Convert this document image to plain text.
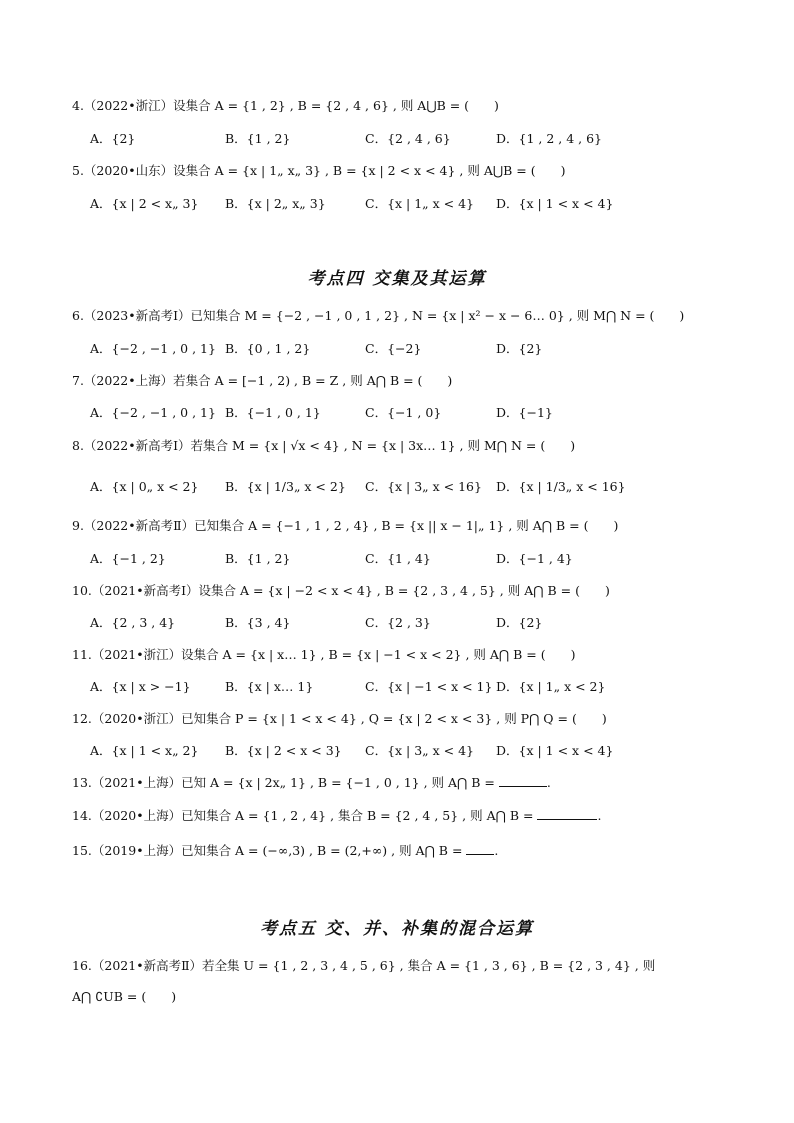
4.（2022•浙江）设集合 A = {1 , 2} , B = {2 , 4 , 6} , 则 A⋃B = (　　)
A．{2}	B．{1 , 2}	C．{2 , 4 , 6}	D．{1 , 2 , 4 , 6}
5.（2020•山东）设集合 A = {x | 1„ x„ 3} , B = {x | 2 < x < 4} , 则 A⋃B = (　　)
A．{x | 2 < x„ 3} B．{x | 2„ x„ 3}	C．{x | 1„ x < 4} D．{x | 1 < x < 4}
考点四 交集及其运算
6.（2023•新高考Ⅰ）已知集合 M = {−2 , −1 , 0 , 1 , 2} , N = {x | x² − x − 6… 0} , 则 M⋂ N = (　　)
A．{−2 , −1 , 0 , 1} B．{0 , 1 , 2}	C．{−2}	D．{2}
7.（2022•上海）若集合 A = [−1 , 2) , B = Z , 则 A⋂ B = (　　)
A．{−2 , −1 , 0 , 1} B．{−1 , 0 , 1}	C．{−1 , 0}	D．{−1}
8.（2022•新高考Ⅰ）若集合 M = {x | √x < 4} , N = {x | 3x… 1} , 则 M⋂ N = (　　)
A．{x | 0„ x < 2} B．{x | 1/3„ x < 2} C．{x | 3„ x < 16} D．{x | 1/3„ x < 16}
9.（2022•新高考Ⅱ）已知集合 A = {−1 , 1 , 2 , 4} , B = {x || x − 1|„ 1} , 则 A⋂ B = (　　)
A．{−1 , 2}	B．{1 , 2}	C．{1 , 4}	D．{−1 , 4}
10.（2021•新高考Ⅰ）设集合 A = {x | −2 < x < 4} , B = {2 , 3 , 4 , 5} , 则 A⋂ B = (　　)
A．{2 , 3 , 4}	B．{3 , 4}	C．{2 , 3}	D．{2}
11.（2021•浙江）设集合 A = {x | x… 1} , B = {x | −1 < x < 2} , 则 A⋂ B = (　　)
A．{x | x > −1}	B．{x | x… 1}	C．{x | −1 < x < 1} D．{x | 1„ x < 2}
12.（2020•浙江）已知集合 P = {x | 1 < x < 4} , Q = {x | 2 < x < 3} , 则 P⋂ Q = (　　)
A．{x | 1 < x„ 2} B．{x | 2 < x < 3} C．{x | 3„ x < 4} D．{x | 1 < x < 4}
13.（2021•上海）已知 A = {x | 2x„ 1} , B = {−1 , 0 , 1} , 则 A⋂ B =	.
14.（2020•上海）已知集合 A = {1 , 2 , 4} , 集合 B = {2 , 4 , 5} , 则 A⋂ B =	.
15.（2019•上海）已知集合 A = (−∞,3) , B = (2,+∞) , 则 A⋂ B =	.
考点五 交、并、补集的混合运算
16.（2021•新高考Ⅱ）若全集 U = {1 , 2 , 3 , 4 , 5 , 6} , 集合 A = {1 , 3 , 6} , B = {2 , 3 , 4} , 则
A⋂ ∁UB = (　　)
